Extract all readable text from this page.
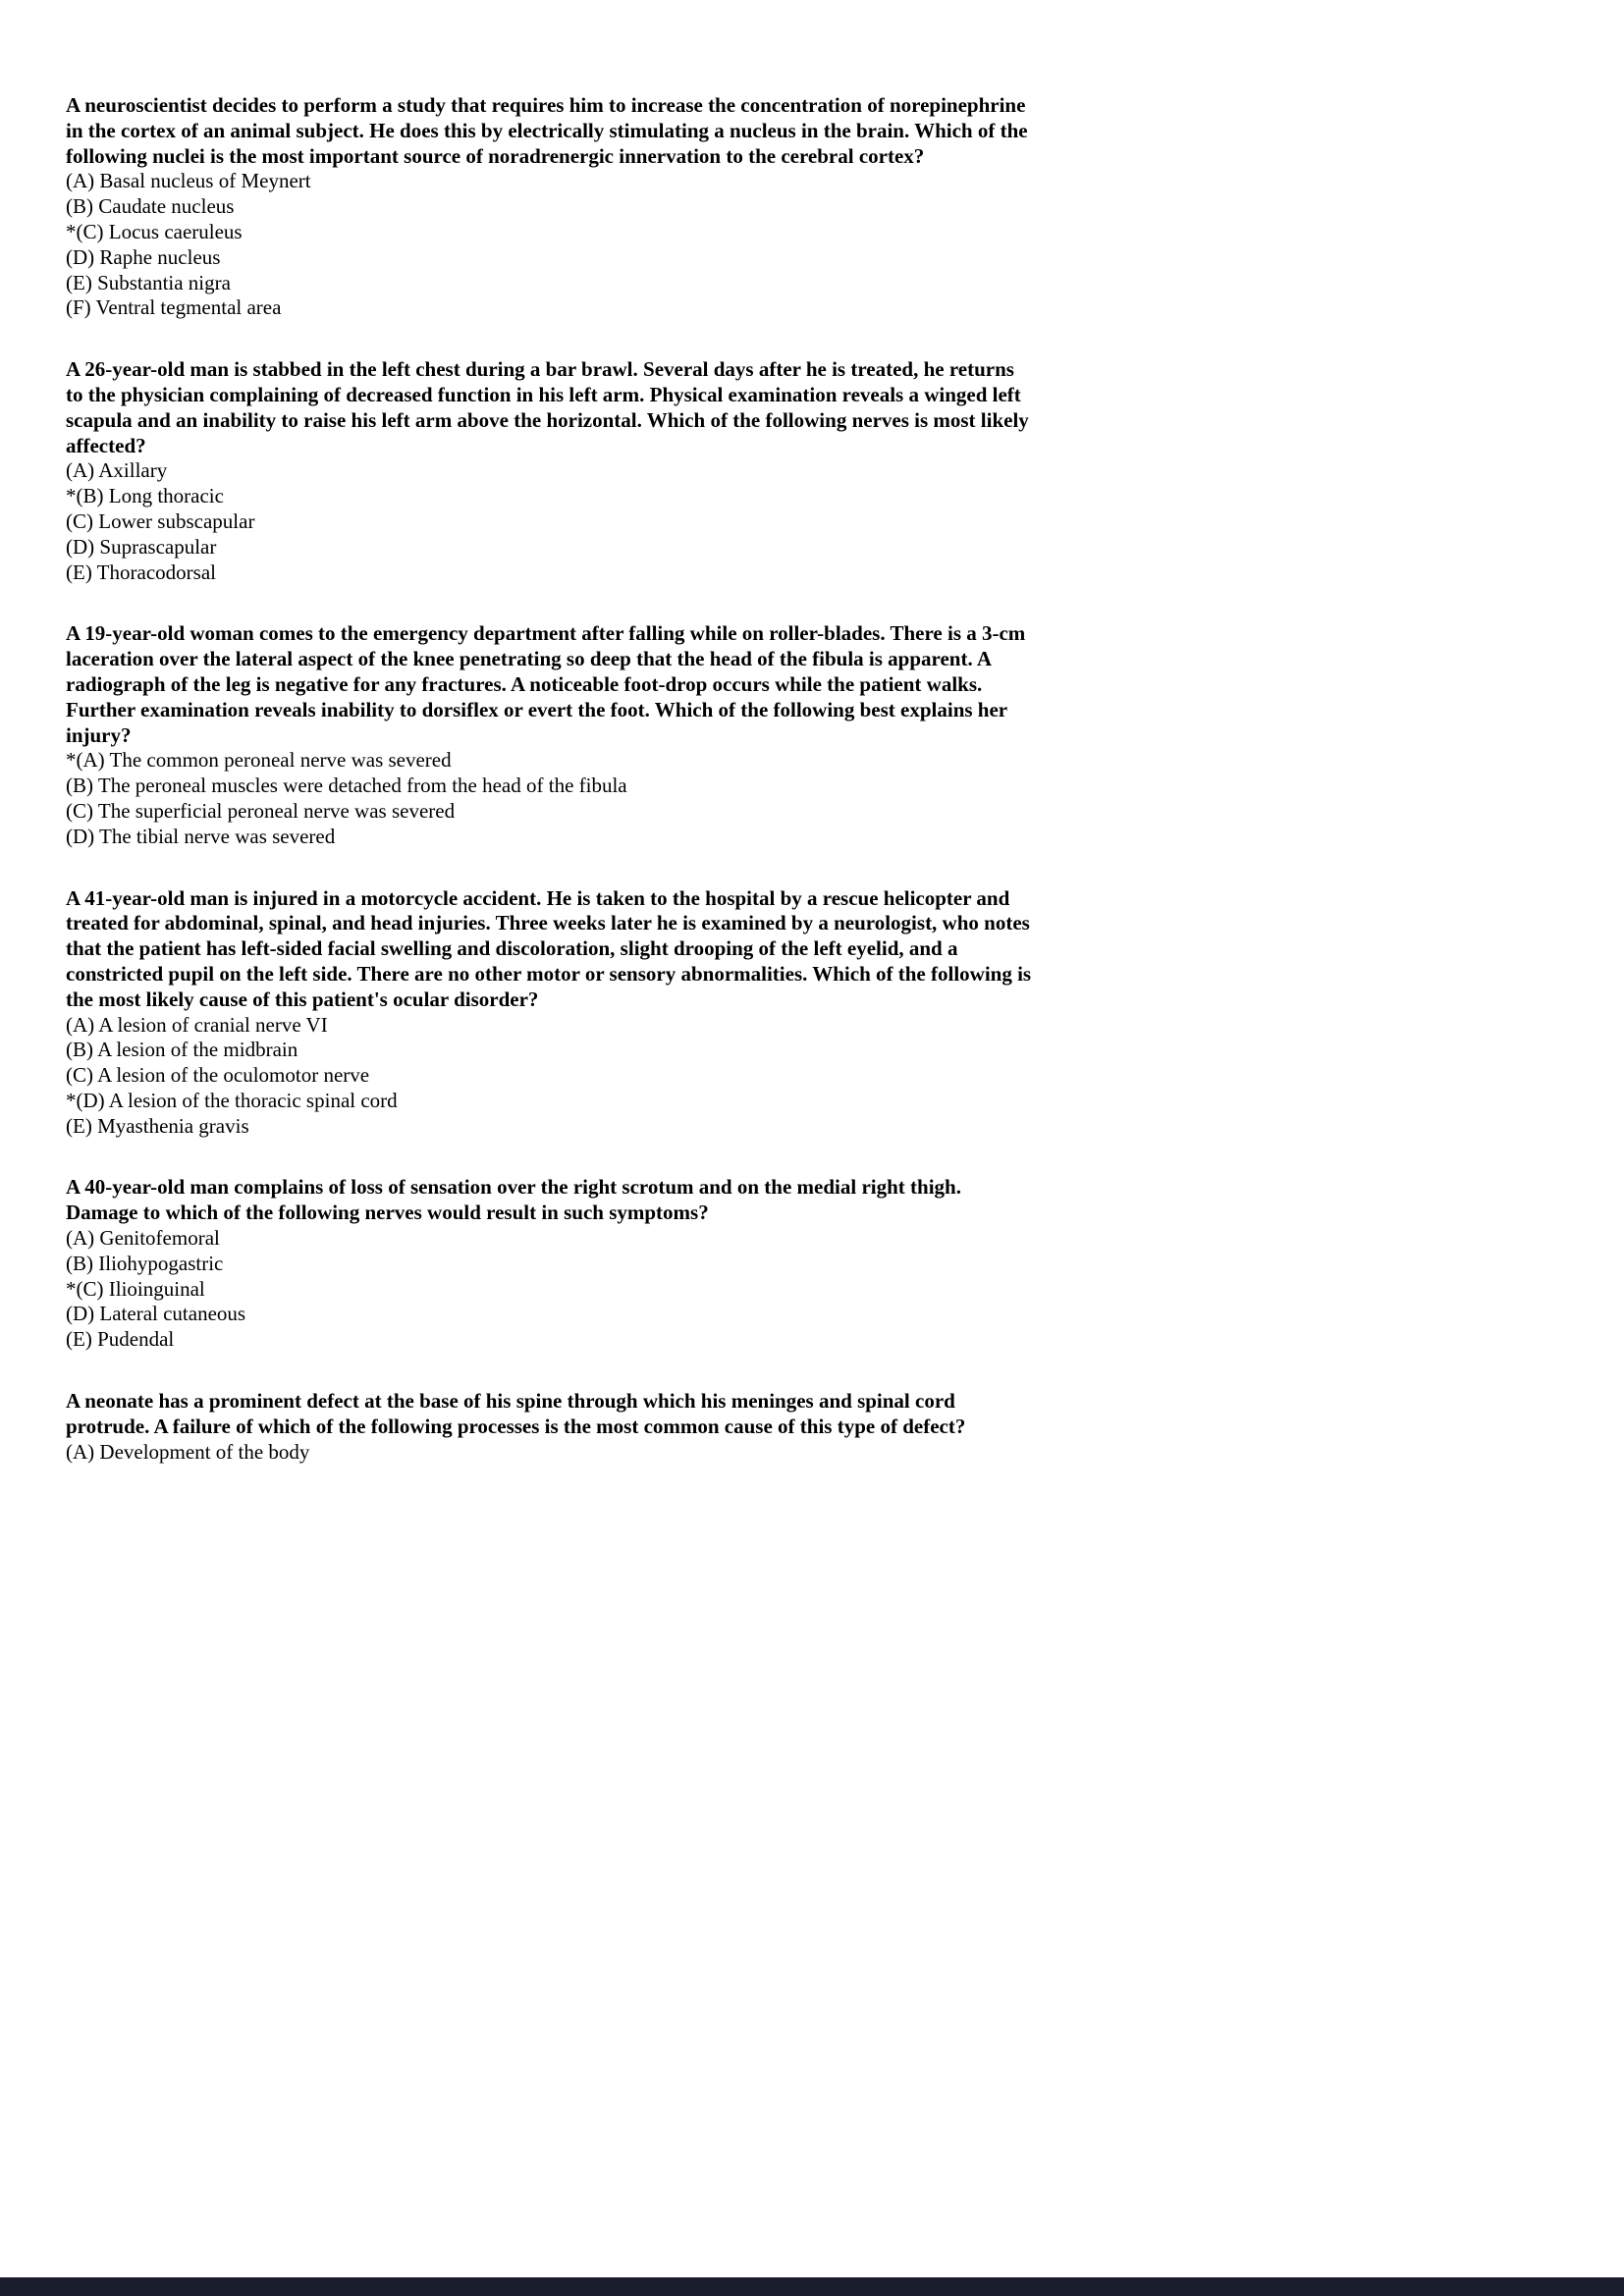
A neuroscientist decides to perform a study that requires him to increase the concentration of norepinephrine in the cortex of an animal subject. He does this by electrically stimulating a nucleus in the brain. Which of the following nuclei is the most important source of noradrenergic innervation to the cerebral cortex?

(A) Basal nucleus of Meynert
(B) Caudate nucleus
*(C) Locus caeruleus
(D) Raphe nucleus
(E) Substantia nigra
(F) Ventral tegmental area

A 26-year-old man is stabbed in the left chest during a bar brawl. Several days after he is treated, he returns to the physician complaining of decreased function in his left arm. Physical examination reveals a winged left scapula and an inability to raise his left arm above the horizontal. Which of the following nerves is most likely affected?

(A) Axillary
*(B) Long thoracic
(C) Lower subscapular
(D) Suprascapular
(E) Thoracodorsal

A 19-year-old woman comes to the emergency department after falling while on roller-blades. There is a 3-cm laceration over the lateral aspect of the knee penetrating so deep that the head of the fibula is apparent. A radiograph of the leg is negative for any fractures. A noticeable foot-drop occurs while the patient walks. Further examination reveals inability to dorsiflex or evert the foot. Which of the following best explains her injury?

*(A) The common peroneal nerve was severed
(B) The peroneal muscles were detached from the head of the fibula
(C) The superficial peroneal nerve was severed
(D) The tibial nerve was severed

A 41-year-old man is injured in a motorcycle accident. He is taken to the hospital by a rescue helicopter and treated for abdominal, spinal, and head injuries. Three weeks later he is examined by a neurologist, who notes that the patient has left-sided facial swelling and discoloration, slight drooping of the left eyelid, and a constricted pupil on the left side. There are no other motor or sensory abnormalities. Which of the following is the most likely cause of this patient's ocular disorder?

(A) A lesion of cranial nerve VI
(B) A lesion of the midbrain
(C) A lesion of the oculomotor nerve
*(D) A lesion of the thoracic spinal cord
(E) Myasthenia gravis

A 40-year-old man complains of loss of sensation over the right scrotum and on the medial right thigh. Damage to which of the following nerves would result in such symptoms?

(A) Genitofemoral
(B) Iliohypogastric
*(C) Ilioinguinal
(D) Lateral cutaneous
(E) Pudendal

A neonate has a prominent defect at the base of his spine through which his meninges and spinal cord protrude. A failure of which of the following processes is the most common cause of this type of defect?

(A) Development of the body
